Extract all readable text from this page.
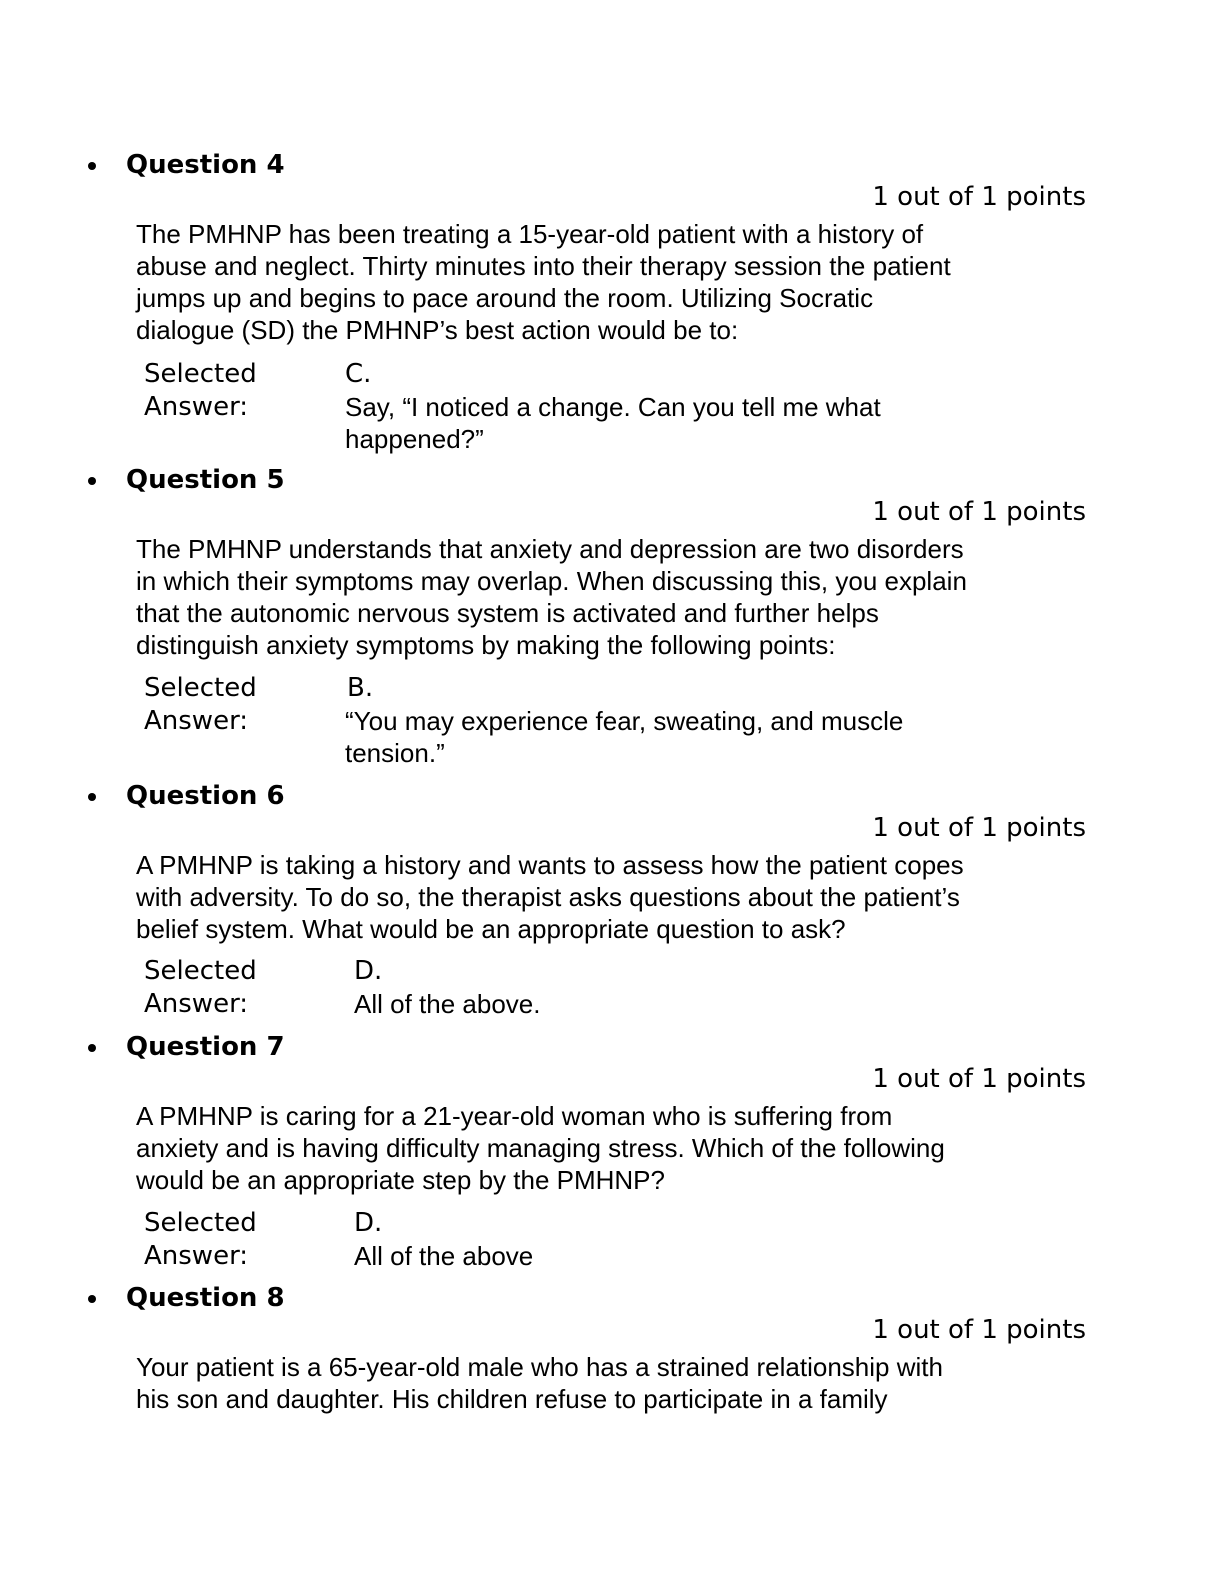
Question 4
1 out of 1 points
The PMHNP has been treating a 15-year-old patient with a history of
abuse and neglect. Thirty minutes into their therapy session the patient
jumps up and begins to pace around the room. Utilizing Socratic
dialogue (SD) the PMHNP’s best action would be to:
Selected
Answer:
C.
Say, “I noticed a change. Can you tell me what
happened?”
Question 5
1 out of 1 points
The PMHNP understands that anxiety and depression are two disorders
in which their symptoms may overlap. When discussing this, you explain
that the autonomic nervous system is activated and further helps
distinguish anxiety symptoms by making the following points:
Selected
Answer:
B.
“You may experience fear, sweating, and muscle
tension.”
Question 6
1 out of 1 points
A PMHNP is taking a history and wants to assess how the patient copes
with adversity. To do so, the therapist asks questions about the patient’s
belief system. What would be an appropriate question to ask?
Selected
Answer:
D.
All of the above.
Question 7
1 out of 1 points
A PMHNP is caring for a 21-year-old woman who is suffering from
anxiety and is having difficulty managing stress. Which of the following
would be an appropriate step by the PMHNP?
Selected
Answer:
D.
All of the above
Question 8
1 out of 1 points
Your patient is a 65-year-old male who has a strained relationship with
his son and daughter. His children refuse to participate in a family
